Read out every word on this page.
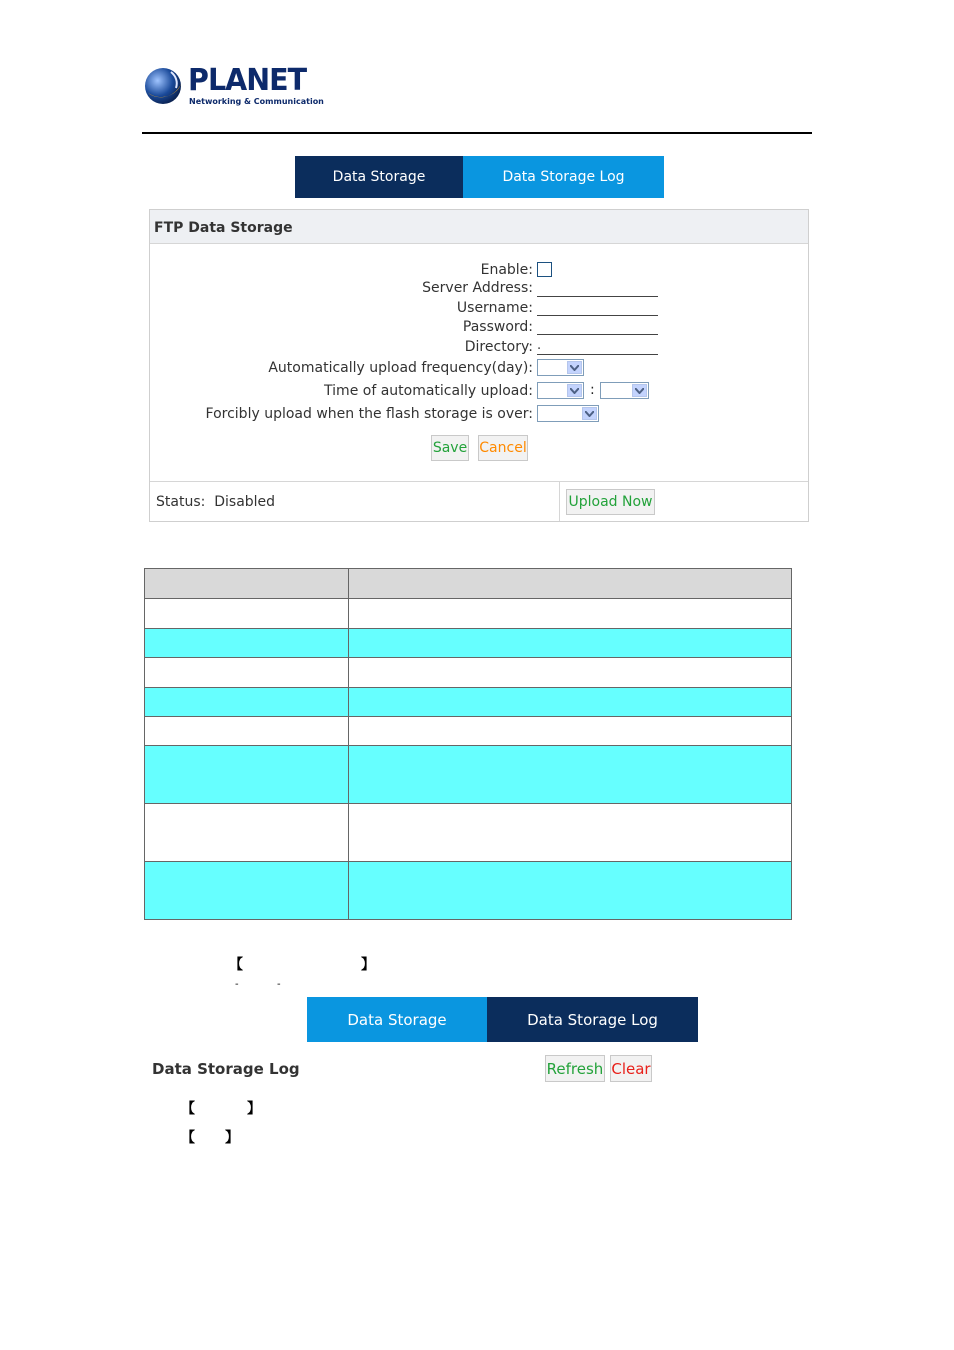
PLANET
Networking & Communication
Data Storage	Data Storage Log
FTP Data Storage
Enable:
Server Address:
Username:
Password:
Directory: .
Automatically upload frequency(day):
Time of automatically upload:	:
Forcibly upload when the flash storage is over:
Save Cancel
Status: Disabled	Upload Now

【	】
-	-
Data Storage	Data Storage Log
Data Storage Log	Refresh Clear
【	】
【 】
